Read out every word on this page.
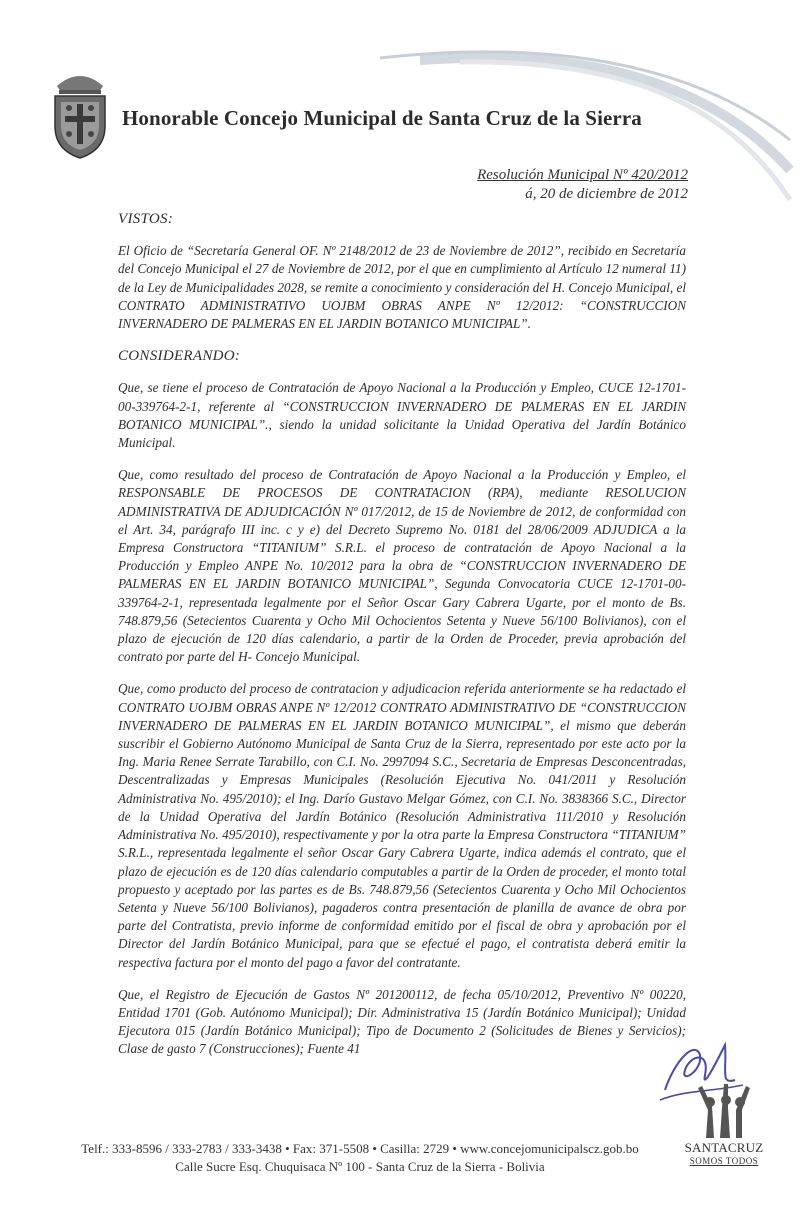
Honorable Concejo Municipal de Santa Cruz de la Sierra
Resolución Municipal Nº 420/2012
á, 20 de diciembre de 2012
VISTOS:

El Oficio de “Secretaría General OF. Nº 2148/2012 de 23 de Noviembre de 2012”, recibido en Secretaría del Concejo Municipal el 27 de Noviembre de 2012, por el que en cumplimiento al Artículo 12 numeral 11) de la Ley de Municipalidades 2028, se remite a conocimiento y consideración del H. Concejo Municipal, el CONTRATO ADMINISTRATIVO UOJBM OBRAS ANPE Nº 12/2012: “CONSTRUCCION INVERNADERO DE PALMERAS EN EL JARDIN BOTANICO MUNICIPAL”.

CONSIDERANDO:

Que, se tiene el proceso de Contratación de Apoyo Nacional a la Producción y Empleo, CUCE 12-1701-00-339764-2-1, referente al “CONSTRUCCION INVERNADERO DE PALMERAS EN EL JARDIN BOTANICO MUNICIPAL”., siendo la unidad solicitante la Unidad Operativa del Jardín Botánico Municipal.

Que, como resultado del proceso de Contratación de Apoyo Nacional a la Producción y Empleo, el RESPONSABLE DE PROCESOS DE CONTRATACION (RPA), mediante RESOLUCION ADMINISTRATIVA DE ADJUDICACIÓN Nº 017/2012, de 15 de Noviembre de 2012, de conformidad con el Art. 34, parágrafo III inc. c y e) del Decreto Supremo No. 0181 del 28/06/2009 ADJUDICA a la Empresa Constructora “TITANIUM” S.R.L. el proceso de contratación de Apoyo Nacional a la Producción y Empleo ANPE No. 10/2012 para la obra de “CONSTRUCCION INVERNADERO DE PALMERAS EN EL JARDIN BOTANICO MUNICIPAL”, Segunda Convocatoria CUCE 12-1701-00-339764-2-1, representada legalmente por el Señor Oscar Gary Cabrera Ugarte, por el monto de Bs. 748.879,56 (Setecientos Cuarenta y Ocho Mil Ochocientos Setenta y Nueve 56/100 Bolivianos), con el plazo de ejecución de 120 días calendario, a partir de la Orden de Proceder, previa aprobación del contrato por parte del H- Concejo Municipal.

Que, como producto del proceso de contratacion y adjudicacion referida anteriormente se ha redactado el CONTRATO UOJBM OBRAS ANPE Nº 12/2012 CONTRATO ADMINISTRATIVO DE “CONSTRUCCION INVERNADERO DE PALMERAS EN EL JARDIN BOTANICO MUNICIPAL”, el mismo que deberán suscribir el Gobierno Autónomo Municipal de Santa Cruz de la Sierra, representado por este acto por la Ing. Maria Renee Serrate Tarabillo, con C.I. No. 2997094 S.C., Secretaria de Empresas Desconcentradas, Descentralizadas y Empresas Municipales (Resolución Ejecutiva No. 041/2011 y Resolución Administrativa No. 495/2010); el Ing. Darío Gustavo Melgar Gómez, con C.I. No. 3838366 S.C., Director de la Unidad Operativa del Jardín Botánico (Resolución Administrativa 111/2010 y Resolución Administrativa No. 495/2010), respectivamente y por la otra parte la Empresa Constructora “TITANIUM” S.R.L., representada legalmente el señor Oscar Gary Cabrera Ugarte, indica además el contrato, que el plazo de ejecución es de 120 días calendario computables a partir de la Orden de proceder, el monto total propuesto y aceptado por las partes es de Bs. 748.879,56 (Setecientos Cuarenta y Ocho Mil Ochocientos Setenta y Nueve 56/100 Bolivianos), pagaderos contra presentación de planilla de avance de obra por parte del Contratista, previo informe de conformidad emitido por el fiscal de obra y aprobación por el Director del Jardín Botánico Municipal, para que se efectué el pago, el contratista deberá emitir la respectiva factura por el monto del pago a favor del contratante.

Que, el Registro de Ejecución de Gastos Nº 201200112, de fecha 05/10/2012, Preventivo Nº 00220, Entidad 1701 (Gob. Autónomo Municipal); Dir. Administrativa 15 (Jardín Botánico Municipal); Unidad Ejecutora 015 (Jardín Botánico Municipal); Tipo de Documento 2 (Solicitudes de Bienes y Servicios); Clase de gasto 7 (Construcciones); Fuente 41

Telf.: 333-8596 / 333-2783 / 333-3438 • Fax: 371-5508 • Casilla: 2729 • www.concejomunicipalscz.gob.bo
Calle Sucre Esq. Chuquisaca Nº 100 - Santa Cruz de la Sierra - Bolivia
SANTACRUZ
SOMOS TODOS
